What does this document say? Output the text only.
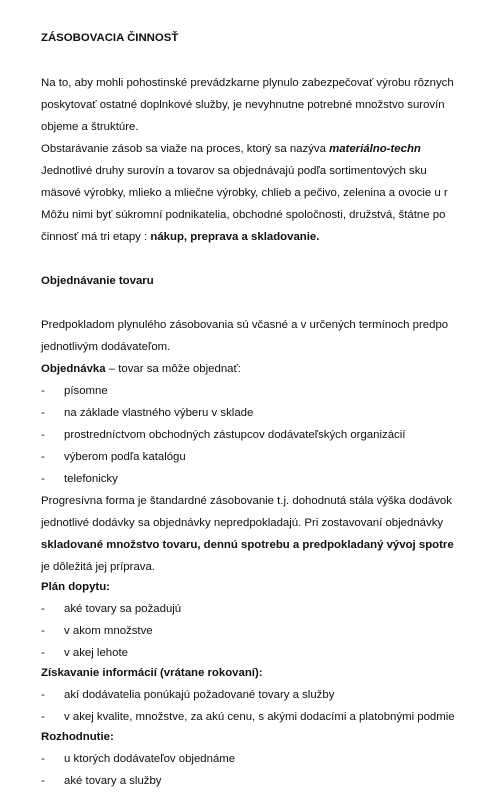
ZÁSOBOVACIA ČINNOSŤ
Na to, aby mohli pohostinské prevádzkarne plynulo zabezpečovať výrobu rôznych
poskytovať ostatné doplnkové služby, je nevyhnutne potrebné množstvo surovín
objeme a štruktúre.
Obstarávanie zásob sa viaže na proces, ktorý sa nazýva materiálno-techn
Jednotlivé druhy surovín a tovarov sa objednávajú podľa sortimentových sku
mäsové výrobky, mlieko a mliečne výrobky, chlieb a pečivo, zelenina a ovocie u r
Môžu nimi byť súkromní podnikatelia, obchodné spoločnosti, družstvá, štátne po
činnosť má tri etapy : nákup, preprava a skladovanie.
Objednávanie tovaru
Predpokladom plynulého zásobovania sú včasné a v určených termínoch predpo
jednotlivým dodávateľom.
Objednávka – tovar sa môže objednať:
- písomne
- na základe vlastného výberu v sklade
- prostredníctvom obchodných zástupcov dodávateľských organizácií
- výberom podľa katalógu
- telefonicky
Progresívna forma je štandardné zásobovanie t.j. dohodnutá stála výška dodávok
jednotlivé dodávky sa objednávky nepredpokladajú. Pri zostavovaní objednávky
skladované množstvo tovaru, dennú spotrebu a predpokladaný vývoj spotre
je dôležitá jej príprava.
Plán dopytu:
- aké tovary sa požadujú
- v akom množstve
- v akej lehote
Získavanie informácií (vrátane rokovaní):
- akí dodávatelia ponúkajú požadované tovary a služby
- v akej kvalite, množstve, za akú cenu, s akými dodacími a platobnými podmie
Rozhodnutie:
- u ktorých dodávateľov objednáme
- aké tovary a služby
